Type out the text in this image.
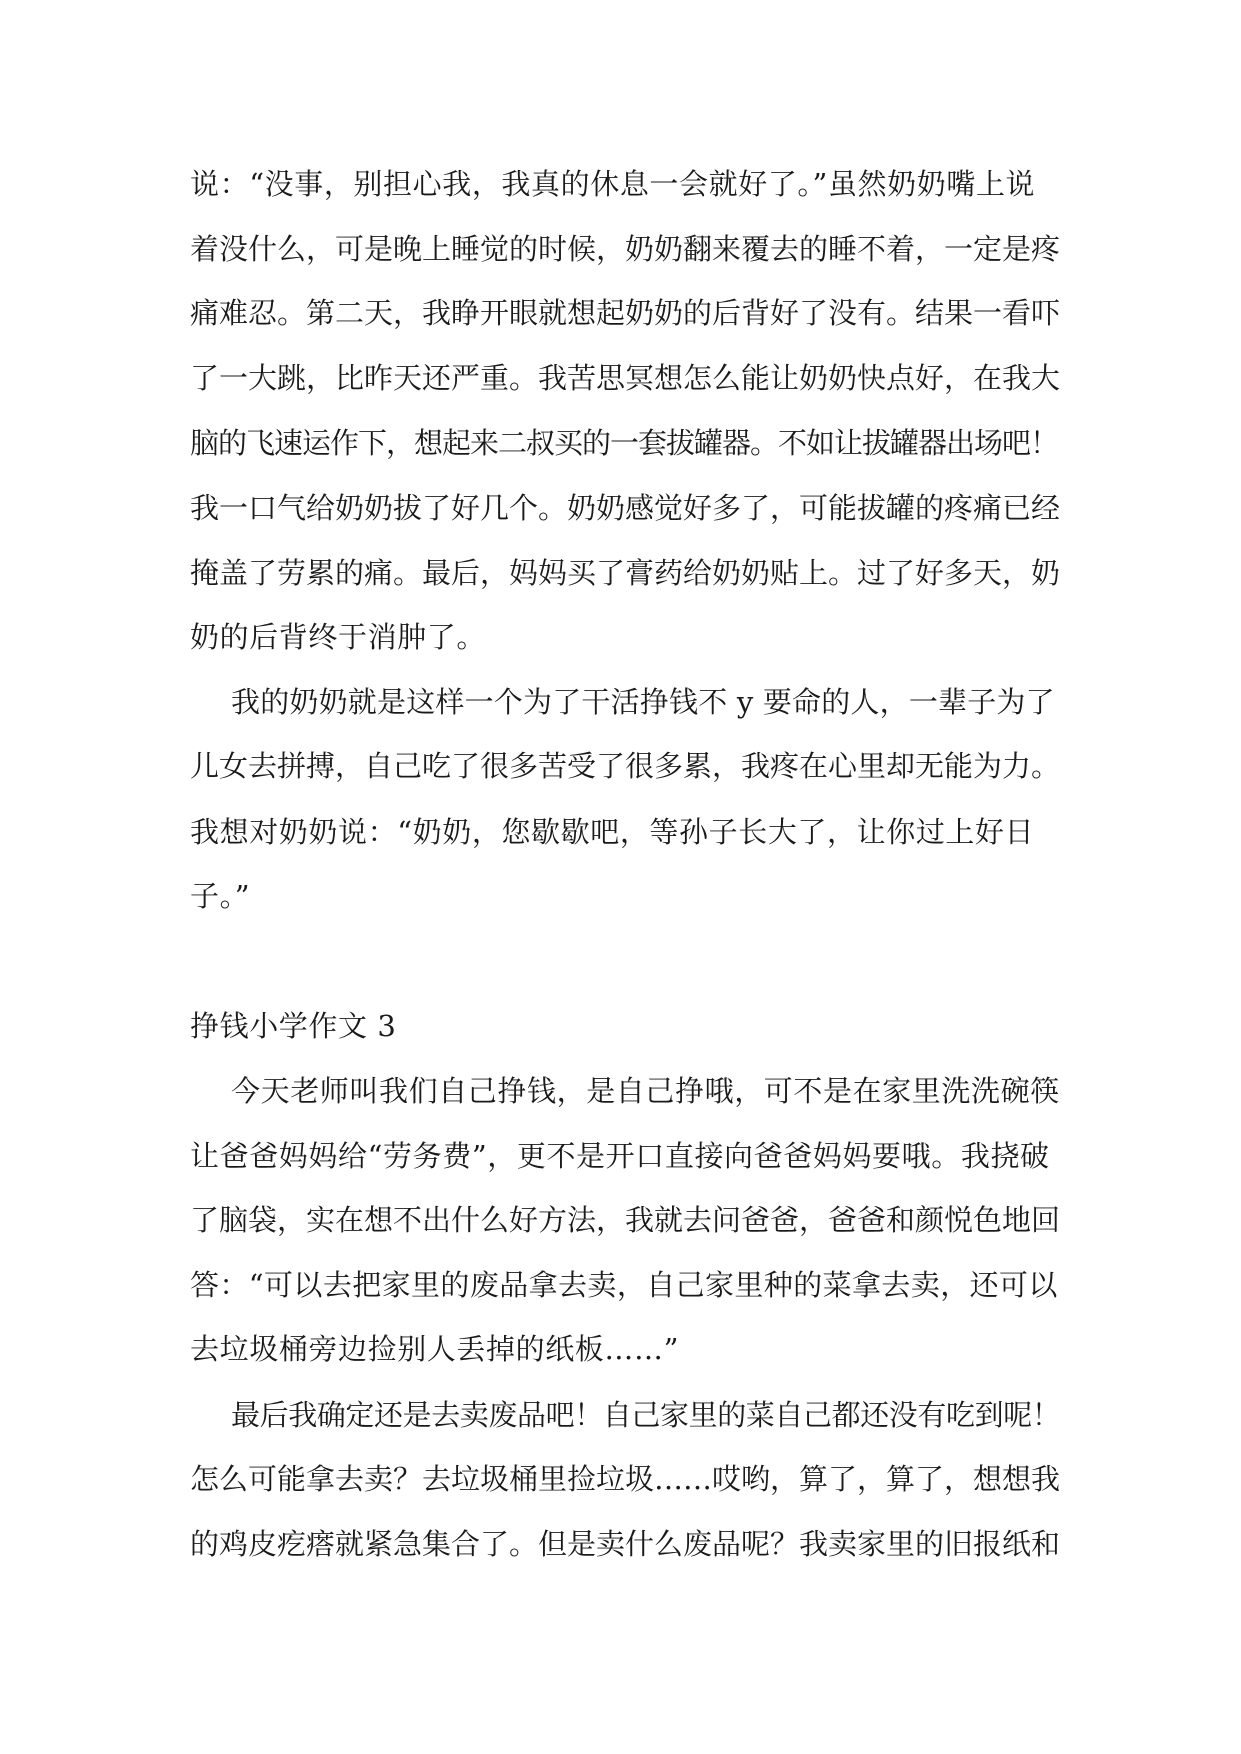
说：“没事，别担心我，我真的休息一会就好了。”虽然奶奶嘴上说
着没什么，可是晚上睡觉的时候，奶奶翻来覆去的睡不着，一定是疼
痛难忍。第二天，我睁开眼就想起奶奶的后背好了没有。结果一看吓
了一大跳，比昨天还严重。我苦思冥想怎么能让奶奶快点好，在我大
脑的飞速运作下，想起来二叔买的一套拔罐器。不如让拔罐器出场吧！
我一口气给奶奶拔了好几个。奶奶感觉好多了，可能拔罐的疼痛已经
掩盖了劳累的痛。最后，妈妈买了膏药给奶奶贴上。过了好多天，奶
奶的后背终于消肿了。
我的奶奶就是这样一个为了干活挣钱不 y 要命的人，一辈子为了
儿女去拼搏，自己吃了很多苦受了很多累，我疼在心里却无能为力。
我想对奶奶说：“奶奶，您歇歇吧，等孙子长大了，让你过上好日
子。”
挣钱小学作文 3
今天老师叫我们自己挣钱，是自己挣哦，可不是在家里洗洗碗筷
让爸爸妈妈给“劳务费”，更不是开口直接向爸爸妈妈要哦。我挠破
了脑袋，实在想不出什么好方法，我就去问爸爸，爸爸和颜悦色地回
答：“可以去把家里的废品拿去卖，自己家里种的菜拿去卖，还可以
去垃圾桶旁边捡别人丢掉的纸板……”
最后我确定还是去卖废品吧！自己家里的菜自己都还没有吃到呢！
怎么可能拿去卖？去垃圾桶里捡垃圾……哎哟，算了，算了，想想我
的鸡皮疙瘩就紧急集合了。但是卖什么废品呢？我卖家里的旧报纸和
